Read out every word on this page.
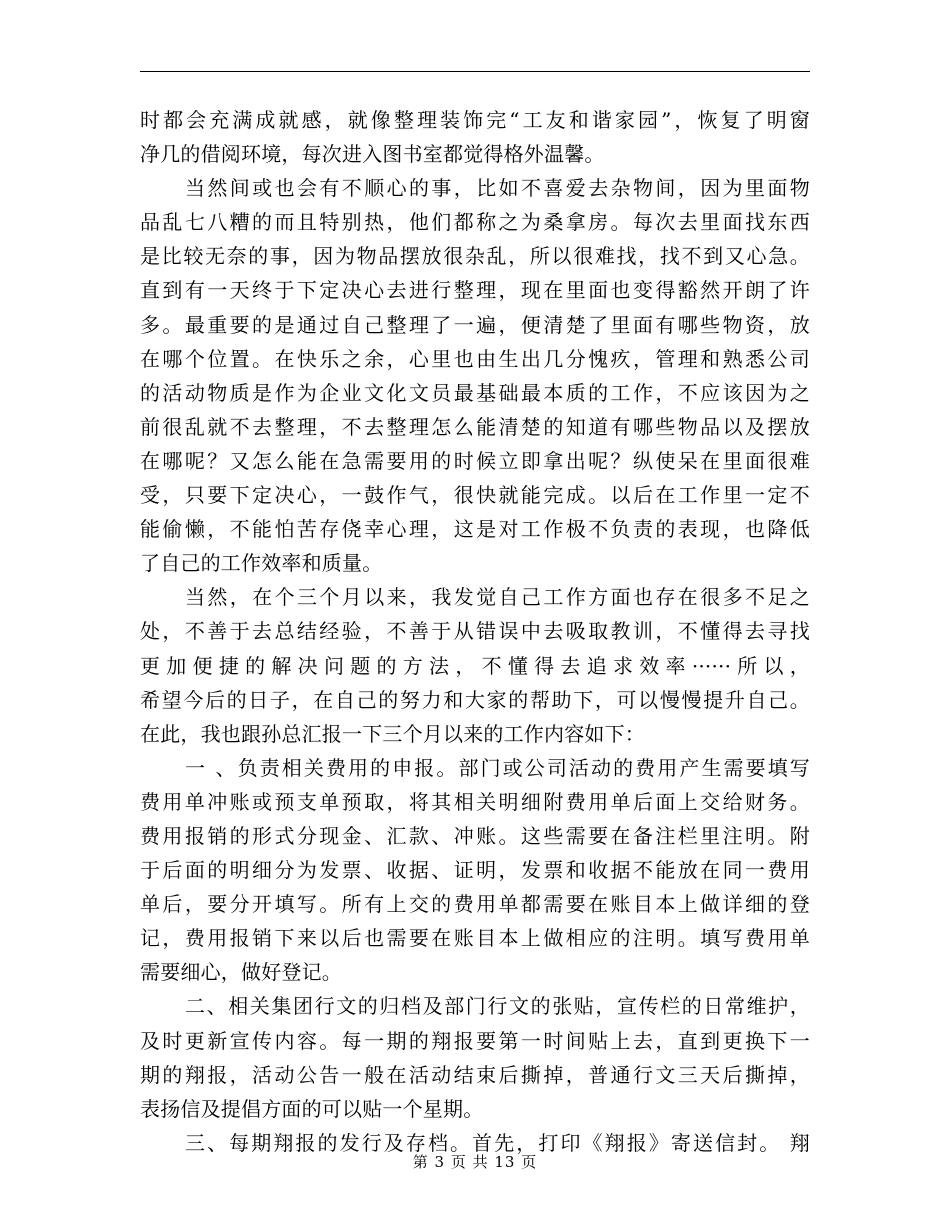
时都会充满成就感，就像整理装饰完“工友和谐家园”，恢复了明窗
净几的借阅环境，每次进入图书室都觉得格外温馨。
当然间或也会有不顺心的事，比如不喜爱去杂物间，因为里面物
品乱七八糟的而且特别热，他们都称之为桑拿房。每次去里面找东西
是比较无奈的事，因为物品摆放很杂乱，所以很难找，找不到又心急。
直到有一天终于下定决心去进行整理，现在里面也变得豁然开朗了许
多。最重要的是通过自己整理了一遍，便清楚了里面有哪些物资，放
在哪个位置。在快乐之余，心里也由生出几分愧疚，管理和熟悉公司
的活动物质是作为企业文化文员最基础最本质的工作，不应该因为之
前很乱就不去整理，不去整理怎么能清楚的知道有哪些物品以及摆放
在哪呢？又怎么能在急需要用的时候立即拿出呢？纵使呆在里面很难
受，只要下定决心，一鼓作气，很快就能完成。以后在工作里一定不
能偷懒，不能怕苦存侥幸心理，这是对工作极不负责的表现，也降低
了自己的工作效率和质量。
当然，在个三个月以来，我发觉自己工作方面也存在很多不足之
处，不善于去总结经验，不善于从错误中去吸取教训，不懂得去寻找
更加便捷的解决问题的方法，不懂得去追求效率······所以，
希望今后的日子，在自己的努力和大家的帮助下，可以慢慢提升自己。
在此，我也跟孙总汇报一下三个月以来的工作内容如下：
一 、负责相关费用的申报。部门或公司活动的费用产生需要填写
费用单冲账或预支单预取，将其相关明细附费用单后面上交给财务。
费用报销的形式分现金、汇款、冲账。这些需要在备注栏里注明。附
于后面的明细分为发票、收据、证明，发票和收据不能放在同一费用
单后，要分开填写。所有上交的费用单都需要在账目本上做详细的登
记，费用报销下来以后也需要在账目本上做相应的注明。填写费用单
需要细心，做好登记。
二、相关集团行文的归档及部门行文的张贴，宣传栏的日常维护，
及时更新宣传内容。每一期的翔报要第一时间贴上去，直到更换下一
期的翔报，活动公告一般在活动结束后撕掉，普通行文三天后撕掉，
表扬信及提倡方面的可以贴一个星期。
三、每期翔报的发行及存档。首先，打印《翔报》寄送信封。 翔
第 3 页 共 13 页
